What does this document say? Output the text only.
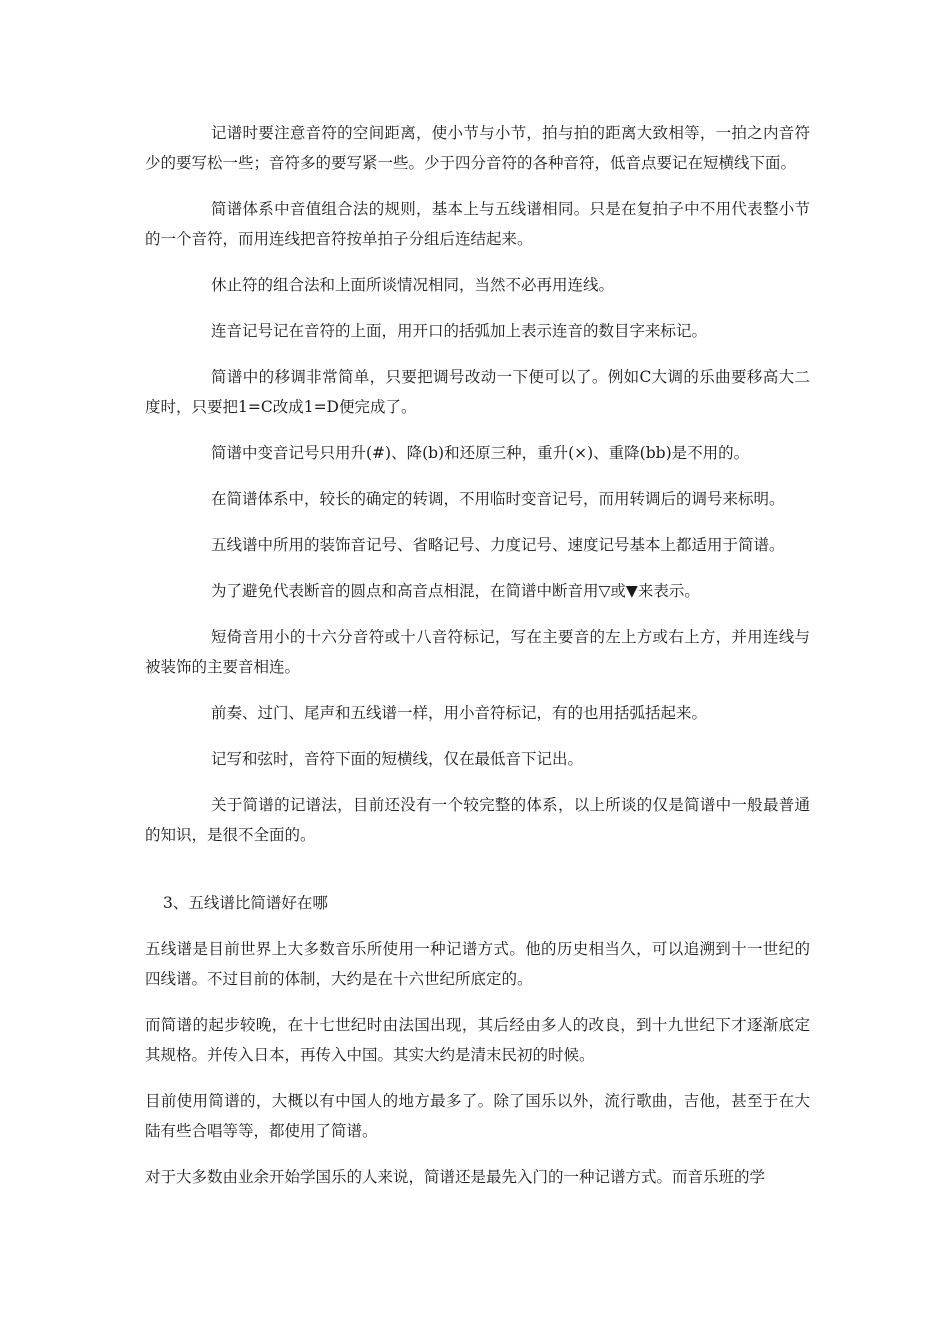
记谱时要注意音符的空间距离，使小节与小节，拍与拍的距离大致相等，一拍之内音符少的要写松一些；音符多的要写紧一些。少于四分音符的各种音符，低音点要记在短横线下面。

简谱体系中音值组合法的规则，基本上与五线谱相同。只是在复拍子中不用代表整小节的一个音符，而用连线把音符按单拍子分组后连结起来。

休止符的组合法和上面所谈情况相同，当然不必再用连线。

连音记号记在音符的上面，用开口的括弧加上表示连音的数目字来标记。

简谱中的移调非常简单，只要把调号改动一下便可以了。例如C大调的乐曲要移高大二度时，只要把1=C改成1=D便完成了。

简谱中变音记号只用升(#)、降(b)和还原三种，重升(×)、重降(bb)是不用的。

在简谱体系中，较长的确定的转调，不用临时变音记号，而用转调后的调号来标明。

五线谱中所用的装饰音记号、省略记号、力度记号、速度记号基本上都适用于简谱。

为了避免代表断音的圆点和高音点相混，在简谱中断音用▽或▼来表示。

短倚音用小的十六分音符或十八音符标记，写在主要音的左上方或右上方，并用连线与被装饰的主要音相连。

前奏、过门、尾声和五线谱一样，用小音符标记，有的也用括弧括起来。

记写和弦时，音符下面的短横线，仅在最低音下记出。

关于简谱的记谱法，目前还没有一个较完整的体系，以上所谈的仅是简谱中一般最普通的知识，是很不全面的。

3、五线谱比简谱好在哪

五线谱是目前世界上大多数音乐所使用一种记谱方式。他的历史相当久，可以追溯到十一世纪的四线谱。不过目前的体制，大约是在十六世纪所底定的。

而简谱的起步较晚，在十七世纪时由法国出现，其后经由多人的改良，到十九世纪下才逐渐底定其规格。并传入日本，再传入中国。其实大约是清末民初的时候。

目前使用简谱的，大概以有中国人的地方最多了。除了国乐以外，流行歌曲，吉他，甚至于在大陆有些合唱等等，都使用了简谱。

对于大多数由业余开始学国乐的人来说，简谱还是最先入门的一种记谱方式。而音乐班的学
